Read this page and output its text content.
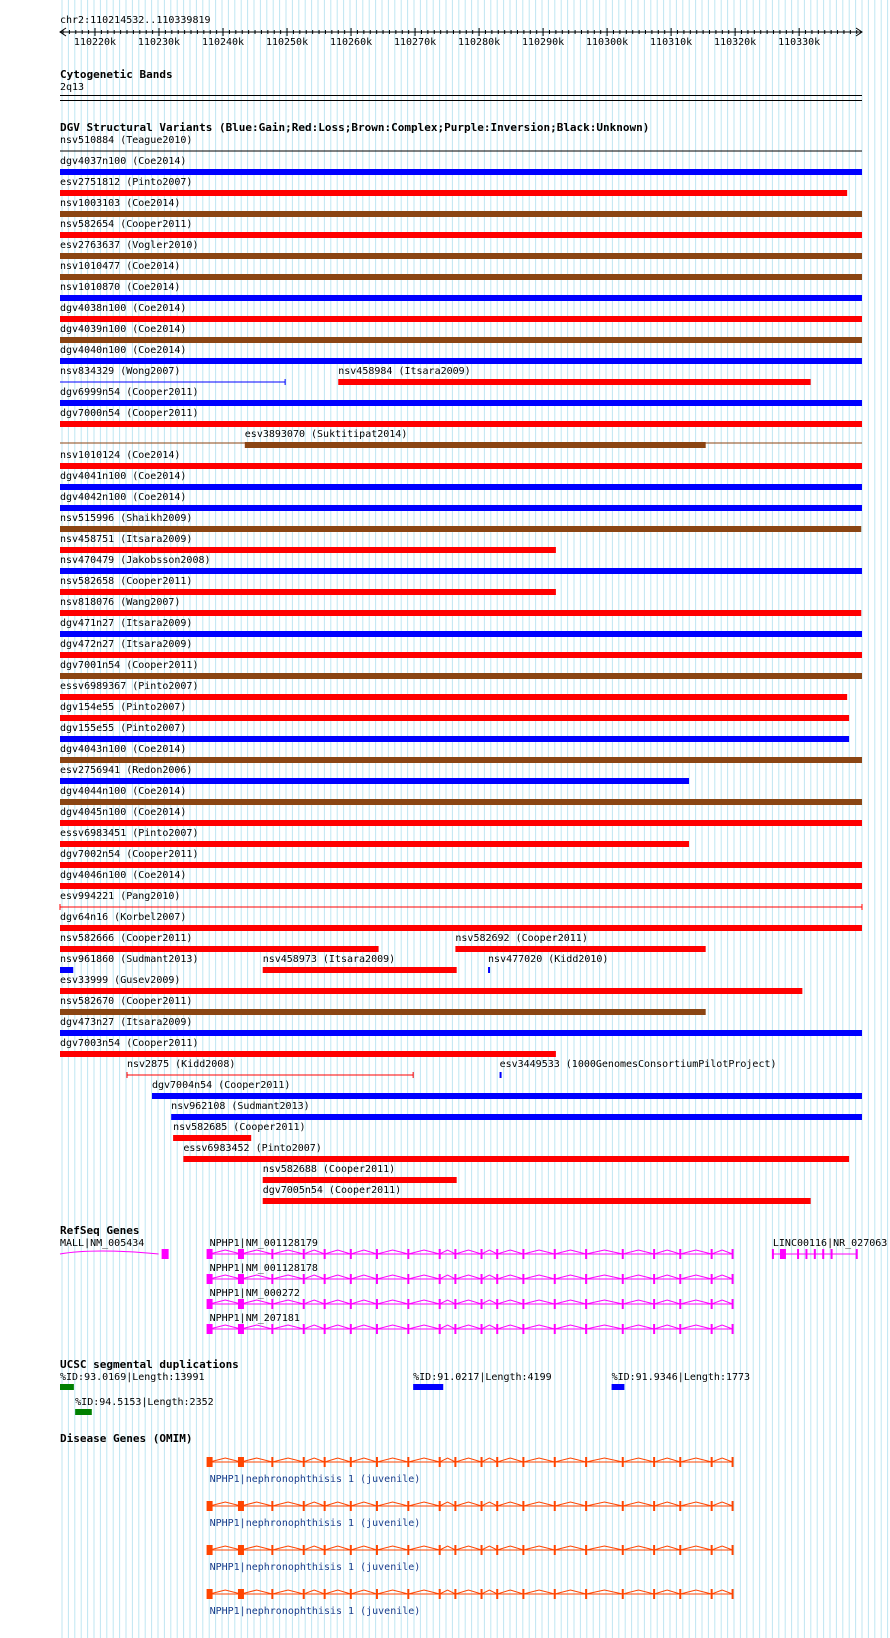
chr2:110214532..110339819
110220k 110230k 110240k 110250k 110260k 110270k 110280k 110290k 110300k 110310k 110320k 110330k
Cytogenetic Bands
2q13
DGV Structural Variants (Blue:Gain;Red:Loss;Brown:Complex;Purple:Inversion;Black:Unknown)
nsv510884 (Teague2010)
dgv4037n100 (Coe2014)
esv2751812 (Pinto2007)
nsv1003103 (Coe2014)
nsv582654 (Cooper2011)
esv2763637 (Vogler2010)
nsv1010477 (Coe2014)
nsv1010870 (Coe2014)
dgv4038n100 (Coe2014)
dgv4039n100 (Coe2014)
dgv4040n100 (Coe2014)
nsv834329 (Wong2007)	nsv458984 (Itsara2009)
dgv6999n54 (Cooper2011)
dgv7000n54 (Cooper2011)
esv3893070 (Suktitipat2014)
nsv1010124 (Coe2014)
dgv4041n100 (Coe2014)
dgv4042n100 (Coe2014)
nsv515996 (Shaikh2009)
nsv458751 (Itsara2009)
nsv470479 (Jakobsson2008)
nsv582658 (Cooper2011)
nsv818076 (Wang2007)
dgv471n27 (Itsara2009)
dgv472n27 (Itsara2009)
dgv7001n54 (Cooper2011)
essv6989367 (Pinto2007)
dgv154e55 (Pinto2007)
dgv155e55 (Pinto2007)
dgv4043n100 (Coe2014)
esv2756941 (Redon2006)
dgv4044n100 (Coe2014)
dgv4045n100 (Coe2014)
essv6983451 (Pinto2007)
dgv7002n54 (Cooper2011)
dgv4046n100 (Coe2014)
esv994221 (Pang2010)
dgv64n16 (Korbel2007)
nsv582666 (Cooper2011)	nsv582692 (Cooper2011)
nsv961860 (Sudmant2013)	nsv458973 (Itsara2009)	nsv477020 (Kidd2010)
esv33999 (Gusev2009)
nsv582670 (Cooper2011)
dgv473n27 (Itsara2009)
dgv7003n54 (Cooper2011)
nsv2875 (Kidd2008)	esv3449533 (1000GenomesConsortiumPilotProject)
dgv7004n54 (Cooper2011)
nsv962108 (Sudmant2013)
nsv582685 (Cooper2011)
essv6983452 (Pinto2007)
nsv582688 (Cooper2011)
dgv7005n54 (Cooper2011)
RefSeq Genes
MALL|NM_005434	NPHP1|NM_001128179	LINC00116|NR_027063
NPHP1|NM_001128178
NPHP1|NM_000272
NPHP1|NM_207181
UCSC segmental duplications
%ID:93.0169|Length:13991	%ID:91.0217|Length:4199	%ID:91.9346|Length:1773
%ID:94.5153|Length:2352
Disease Genes (OMIM)
NPHP1|nephronophthisis 1 (juvenile)
NPHP1|nephronophthisis 1 (juvenile)
NPHP1|nephronophthisis 1 (juvenile)
NPHP1|nephronophthisis 1 (juvenile)
